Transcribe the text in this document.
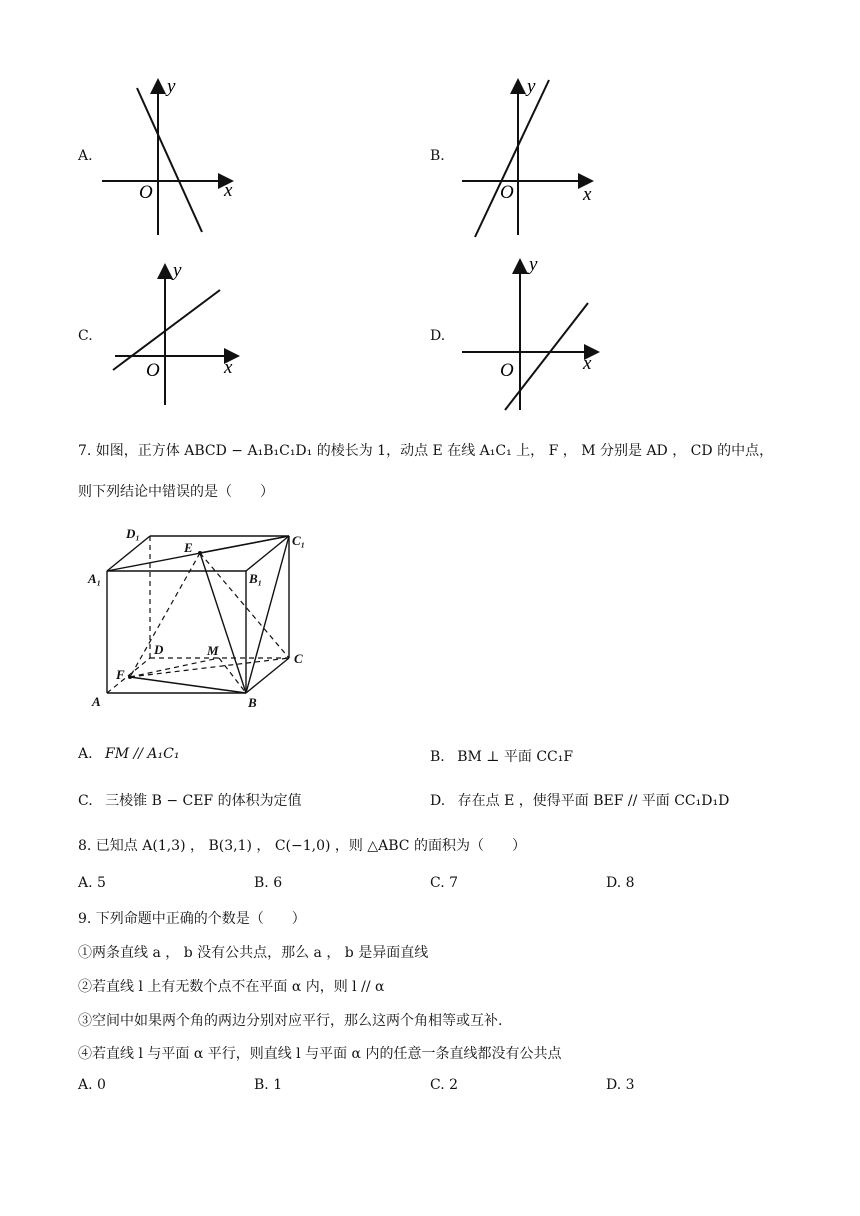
A.
x
y
O	x
y
O
x
y
O	x
y
O
B.
C.	D.
7. 如图，正方体 ABCD − A₁B₁C₁D₁ 的棱长为 1，动点 E 在线 A₁C₁ 上， F ， M 分别是 AD ， CD 的中点，
则下列结论中错误的是（　　）
D₁	C₁
A₁	B₁
E
D	M
C
F
A	B
A. FM // A₁C₁	B. BM ⊥ 平面 CC₁F
C. 三棱锥 B − CEF 的体积为定值	D. 存在点 E ，使得平面 BEF // 平面 CC₁D₁D
8. 已知点 A(1,3) ， B(3,1) ， C(−1,0) ，则 △ABC 的面积为（　　）
A. 5	B. 6	C. 7	D. 8
9. 下列命题中正确的个数是（　　）
①两条直线 a ， b 没有公共点，那么 a ， b 是异面直线
②若直线 l 上有无数个点不在平面 α 内，则 l // α
③空间中如果两个角的两边分别对应平行，那么这两个角相等或互补.
④若直线 l 与平面 α 平行，则直线 l 与平面 α 内的任意一条直线都没有公共点
A. 0	B. 1	C. 2	D. 3
